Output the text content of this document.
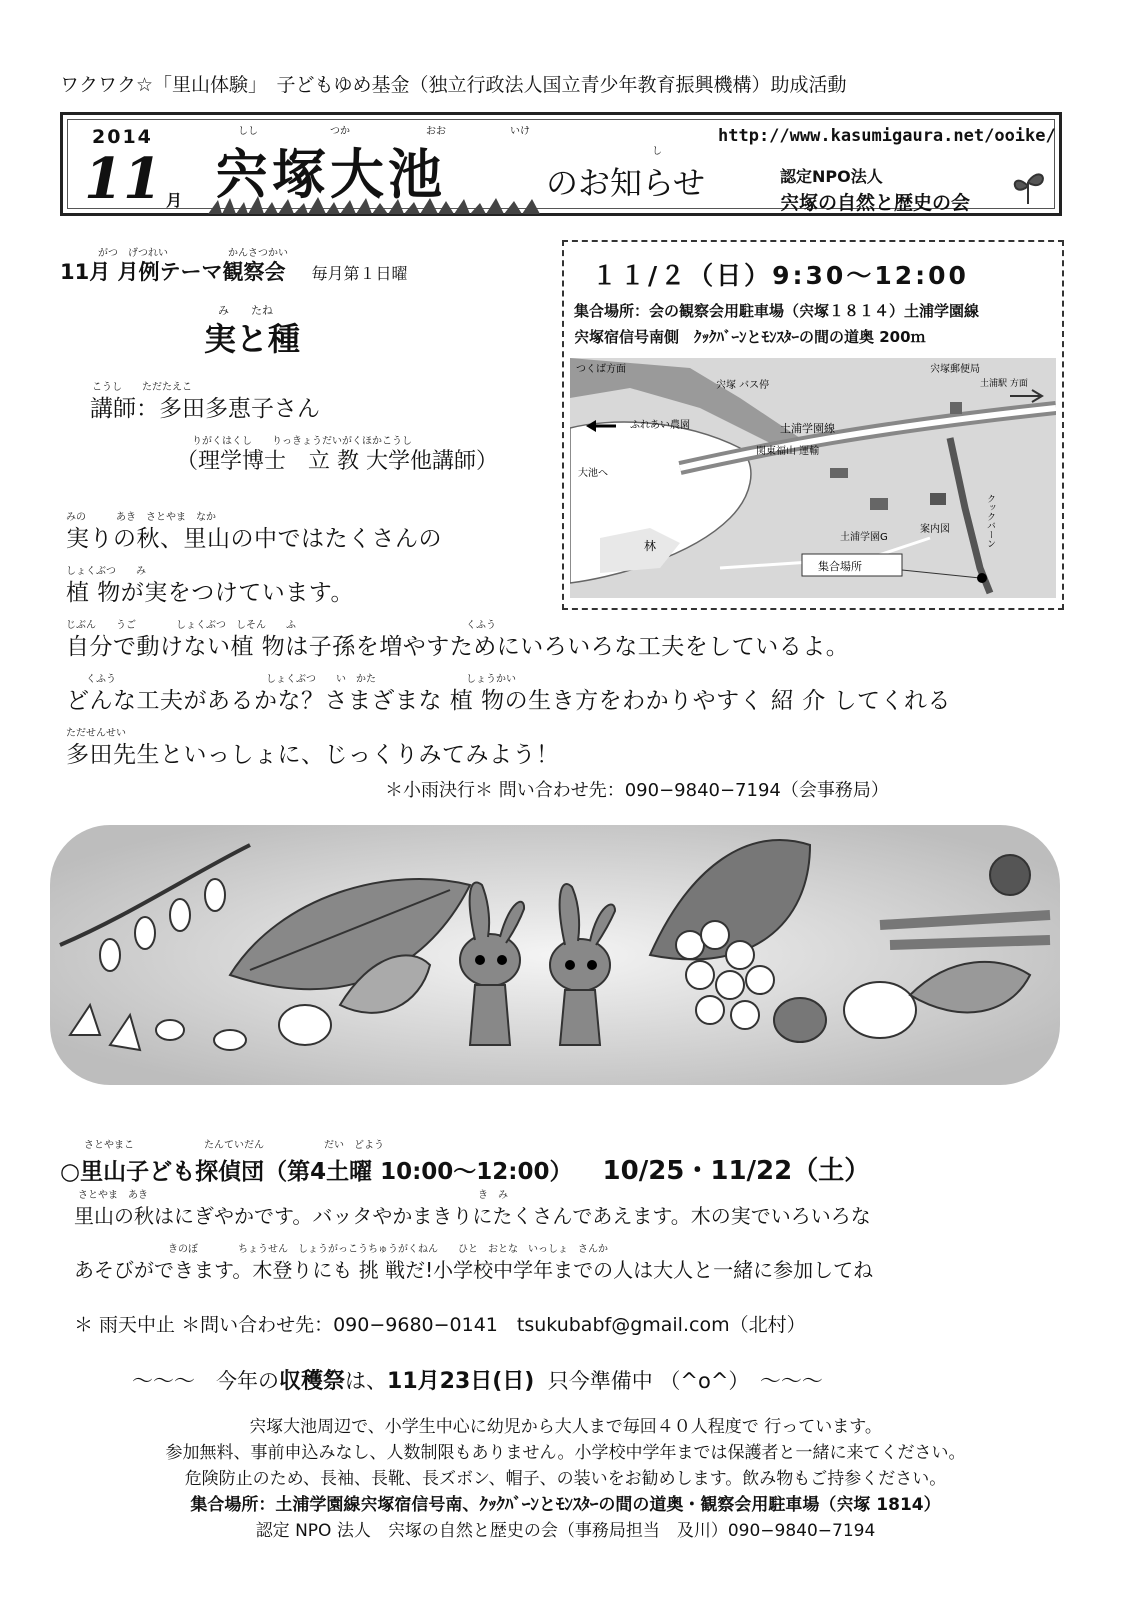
ワクワク☆「里山体験」　子どもゆめ基金（独立行政法人国立青少年教育振興機構）助成活動
2014
11 月
しし	つか	おお	いけ
し
宍塚大池	のお知らせ
http://www.kasumigaura.net/ooike/
認定NPO法人
宍塚の自然と歴史の会
がつ　げつれい　　　　　　かんさつかい
11月 月例テーマ観察会 毎月第１日曜
み　　たね
実と種
こうし　　ただたえこ
講師：多田多恵子さん
りがくはくし　　りっきょうだいがくほかこうし
（理学博士　立 教 大学他講師）
みの　　　あき　さとやま　なか
実りの秋、里山の中ではたくさんの
しょくぶつ　　み
植 物が実をつけています。
じぶん　　うご　　　　しょくぶつ　しそん　　ふ　　　　　　　　　　　　　　　　　くふう
自分で動けない植 物は子孫を増やすためにいろいろな工夫をしているよ。
　　くふう　　　　　　　　　　　　　　　しょくぶつ　　い　かた　　　　　　　　　しょうかい
どんな工夫があるかな？さまざまな 植 物の生き方をわかりやすく 紹 介 してくれる
ただせんせい
多田先生といっしょに、じっくりみてみよう！
＊小雨決行＊ 問い合わせ先：090−9840−7194（会事務局）
１１/２（日）9:30〜12:00
集合場所：会の観察会用駐車場（宍塚１８１４）土浦学園線
宍塚宿信号南側　ｸｯｸﾊﾞｰﾝとﾓﾝｽﾀｰの間の道奥 200ｍ
つくば方面
宍塚 バス停
宍塚郵便局
土浦駅 方面
ふれあい農園	土浦学園線
関東福山 運輸
大池へ
林
土浦学園G
案内図	クックバーン
集合場所
さとやまこ　　　　　　　たんていだん　　　　　　だい　どよう
○里山子ども探偵団（第4土曜 10:00〜12:00） 10/25・11/22（土）
さとやま　あき　　　　　　　　　　　　　　　　　　　　　　　　　　　　　　　　　き　み
里山の秋はにぎやかです。バッタやかまきりにたくさんであえます。木の実でいろいろな
　　　　　　　　　きのぼ　　　　ちょうせん　しょうがっこうちゅうがくねん　　ひと　おとな　いっしょ　さんか
あそびができます。木登りにも 挑 戦だ!小学校中学年までの人は大人と一緒に参加してね
＊ 雨天中止 ＊問い合わせ先：090−9680−0141　tsukubabf@gmail.com（北村）
〜〜〜　今年の収穫祭は、11月23日(日) 只今準備中 （^o^）　〜〜〜
宍塚大池周辺で、小学生中心に幼児から大人まで毎回４０人程度で 行っています。
参加無料、事前申込みなし、人数制限もありません。小学校中学年までは保護者と一緒に来てください。
危険防止のため、長袖、長靴、長ズボン、帽子、の装いをお勧めします。飲み物もご持参ください。
集合場所：土浦学園線宍塚宿信号南、ｸｯｸﾊﾞｰﾝとﾓﾝｽﾀｰの間の道奥・観察会用駐車場（宍塚 1814）
認定 NPO 法人　宍塚の自然と歴史の会（事務局担当　及川）090−9840−7194
